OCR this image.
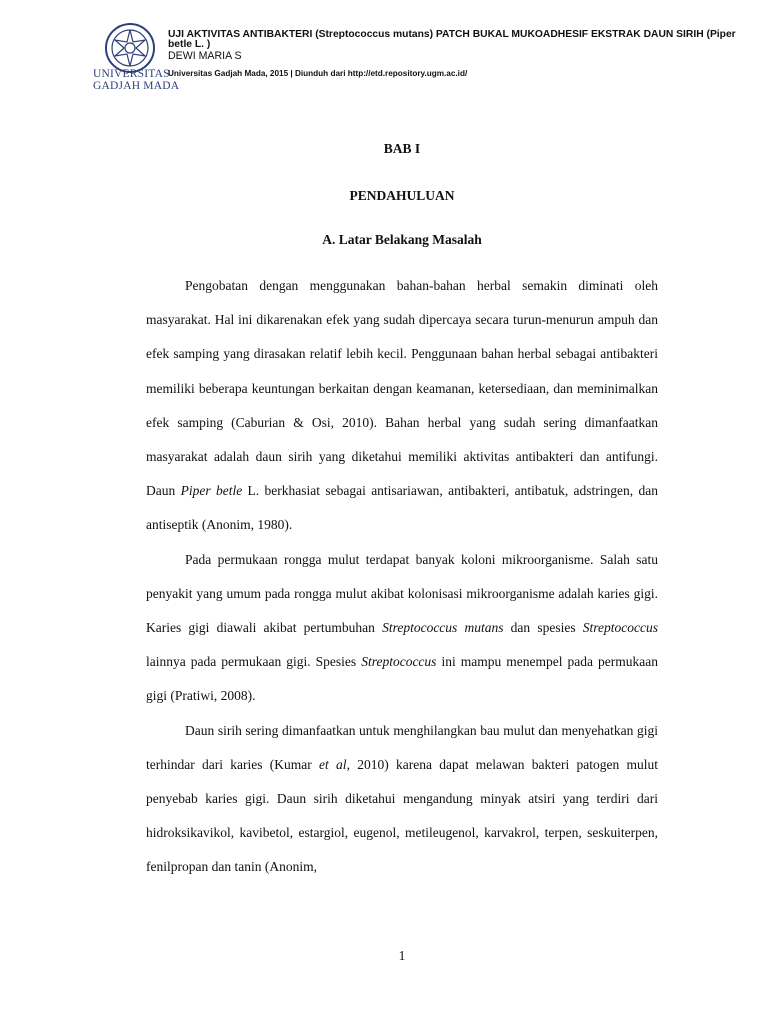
UNIVERSITAS
GADJAH MADA
UJI AKTIVITAS ANTIBAKTERI (Streptococcus mutans) PATCH BUKAL MUKOADHESIF EKSTRAK DAUN SIRIH (Piper betle L. )
DEWI MARIA S
Universitas Gadjah Mada, 2015 | Diunduh dari http://etd.repository.ugm.ac.id/
BAB I
PENDAHULUAN
A. Latar Belakang Masalah

Pengobatan dengan menggunakan bahan-bahan herbal semakin diminati oleh masyarakat. Hal ini dikarenakan efek yang sudah dipercaya secara turun-menurun ampuh dan efek samping yang dirasakan relatif lebih kecil. Penggunaan bahan herbal sebagai antibakteri memiliki beberapa keuntungan berkaitan dengan keamanan, ketersediaan, dan meminimalkan efek samping (Caburian & Osi, 2010). Bahan herbal yang sudah sering dimanfaatkan masyarakat adalah daun sirih yang diketahui memiliki aktivitas antibakteri dan antifungi. Daun Piper betle L. berkhasiat sebagai antisariawan, antibakteri, antibatuk, adstringen, dan antiseptik (Anonim, 1980).

Pada permukaan rongga mulut terdapat banyak koloni mikroorganisme. Salah satu penyakit yang umum pada rongga mulut akibat kolonisasi mikroorganisme adalah karies gigi. Karies gigi diawali akibat pertumbuhan Streptococcus mutans dan spesies Streptococcus lainnya pada permukaan gigi. Spesies Streptococcus ini mampu menempel pada permukaan gigi (Pratiwi, 2008).

Daun sirih sering dimanfaatkan untuk menghilangkan bau mulut dan menyehatkan gigi terhindar dari karies (Kumar et al, 2010) karena dapat melawan bakteri patogen mulut penyebab karies gigi. Daun sirih diketahui mengandung minyak atsiri yang terdiri dari hidroksikavikol, kavibetol, estargiol, eugenol, metileugenol, karvakrol, terpen, seskuiterpen, fenilpropan dan tanin (Anonim,

1
